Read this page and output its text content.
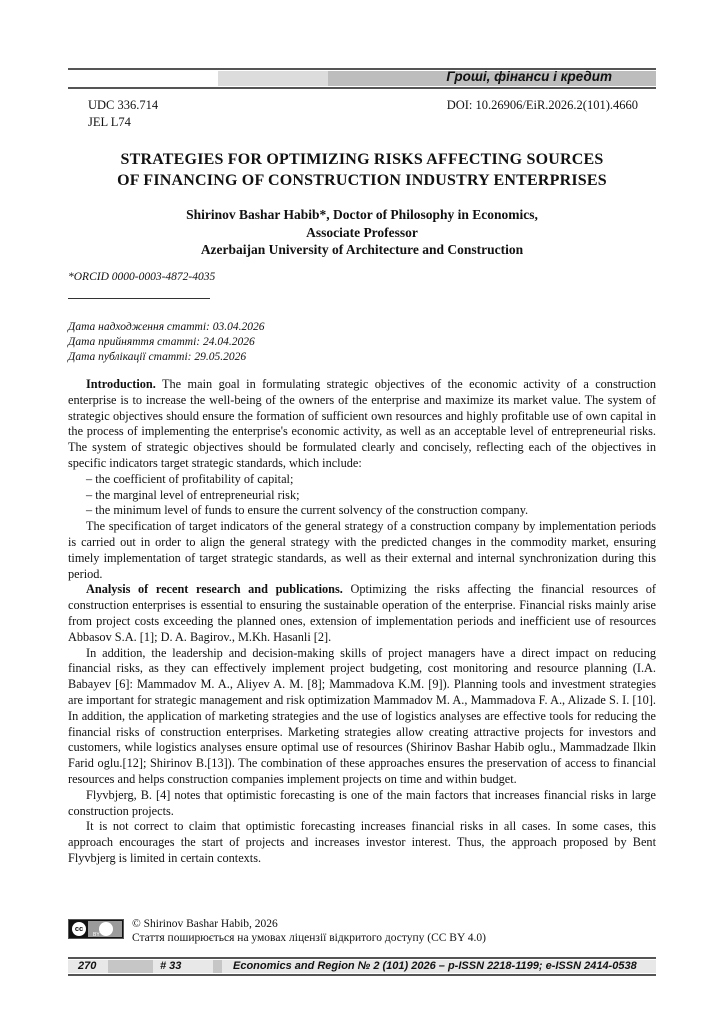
Гроші, фінанси і кредит
UDC 336.714
JEL L74
DOI: 10.26906/EiR.2026.2(101).4660
STRATEGIES FOR OPTIMIZING RISKS AFFECTING SOURCES
OF FINANCING OF CONSTRUCTION INDUSTRY ENTERPRISES
Shirinov Bashar Habib*, Doctor of Philosophy in Economics,
Associate Professor
Azerbaijan University of Architecture and Construction
*ORCID 0000-0003-4872-4035
Дата надходження статті: 03.04.2026
Дата прийняття статті: 24.04.2026
Дата публікації статті: 29.05.2026

Introduction. The main goal in formulating strategic objectives of the economic activity of a construction enterprise is to increase the well-being of the owners of the enterprise and maximize its market value. The system of strategic objectives should ensure the formation of sufficient own resources and highly profitable use of own capital in the process of implementing the enterprise's economic activity, as well as an acceptable level of entrepreneurial risks. The system of strategic objectives should be formulated clearly and concisely, reflecting each of the objectives in specific indicators target strategic standards, which include:

– the coefficient of profitability of capital;

– the marginal level of entrepreneurial risk;

– the minimum level of funds to ensure the current solvency of the construction company.

The specification of target indicators of the general strategy of a construction company by implementation periods is carried out in order to align the general strategy with the predicted changes in the commodity market, ensuring timely implementation of target strategic standards, as well as their external and internal synchronization during this period.

Analysis of recent research and publications. Optimizing the risks affecting the financial resources of construction enterprises is essential to ensuring the sustainable operation of the enterprise. Financial risks mainly arise from project costs exceeding the planned ones, extension of implementation periods and inefficient use of resources Abbasov S.A. [1]; D. A. Bagirov., M.Kh. Hasanli [2].

In addition, the leadership and decision-making skills of project managers have a direct impact on reducing financial risks, as they can effectively implement project budgeting, cost monitoring and resource planning (I.A. Babayev [6]: Mammadov M. A., Aliyev A. M. [8]; Mammadova K.M. [9]). Planning tools and investment strategies are important for strategic management and risk optimization Mammadov M. A., Mammadova F. A., Alizade S. I. [10]. In addition, the application of marketing strategies and the use of logistics analyses are effective tools for reducing the financial risks of construction enterprises. Marketing strategies allow creating attractive projects for investors and customers, while logistics analyses ensure optimal use of resources (Shirinov Bashar Habib oglu., Mammadzade Ilkin Farid oglu.[12]; Shirinov B.[13]). The combination of these approaches ensures the preservation of access to financial resources and helps construction companies implement projects on time and within budget.

Flyvbjerg, B. [4] notes that optimistic forecasting is one of the main factors that increases financial risks in large construction projects.

It is not correct to claim that optimistic forecasting increases financial risks in all cases. In some cases, this approach encourages the start of projects and increases investor interest. Thus, the approach proposed by Bent Flyvbjerg is limited in certain contexts.

cc
BY
© Shirinov Bashar Habib, 2026
Стаття поширюється на умовах ліцензії відкритого доступу (CC BY 4.0)
270	# 33	Economics and Region № 2 (101) 2026 – p-ISSN 2218-1199; e-ISSN 2414-0538
